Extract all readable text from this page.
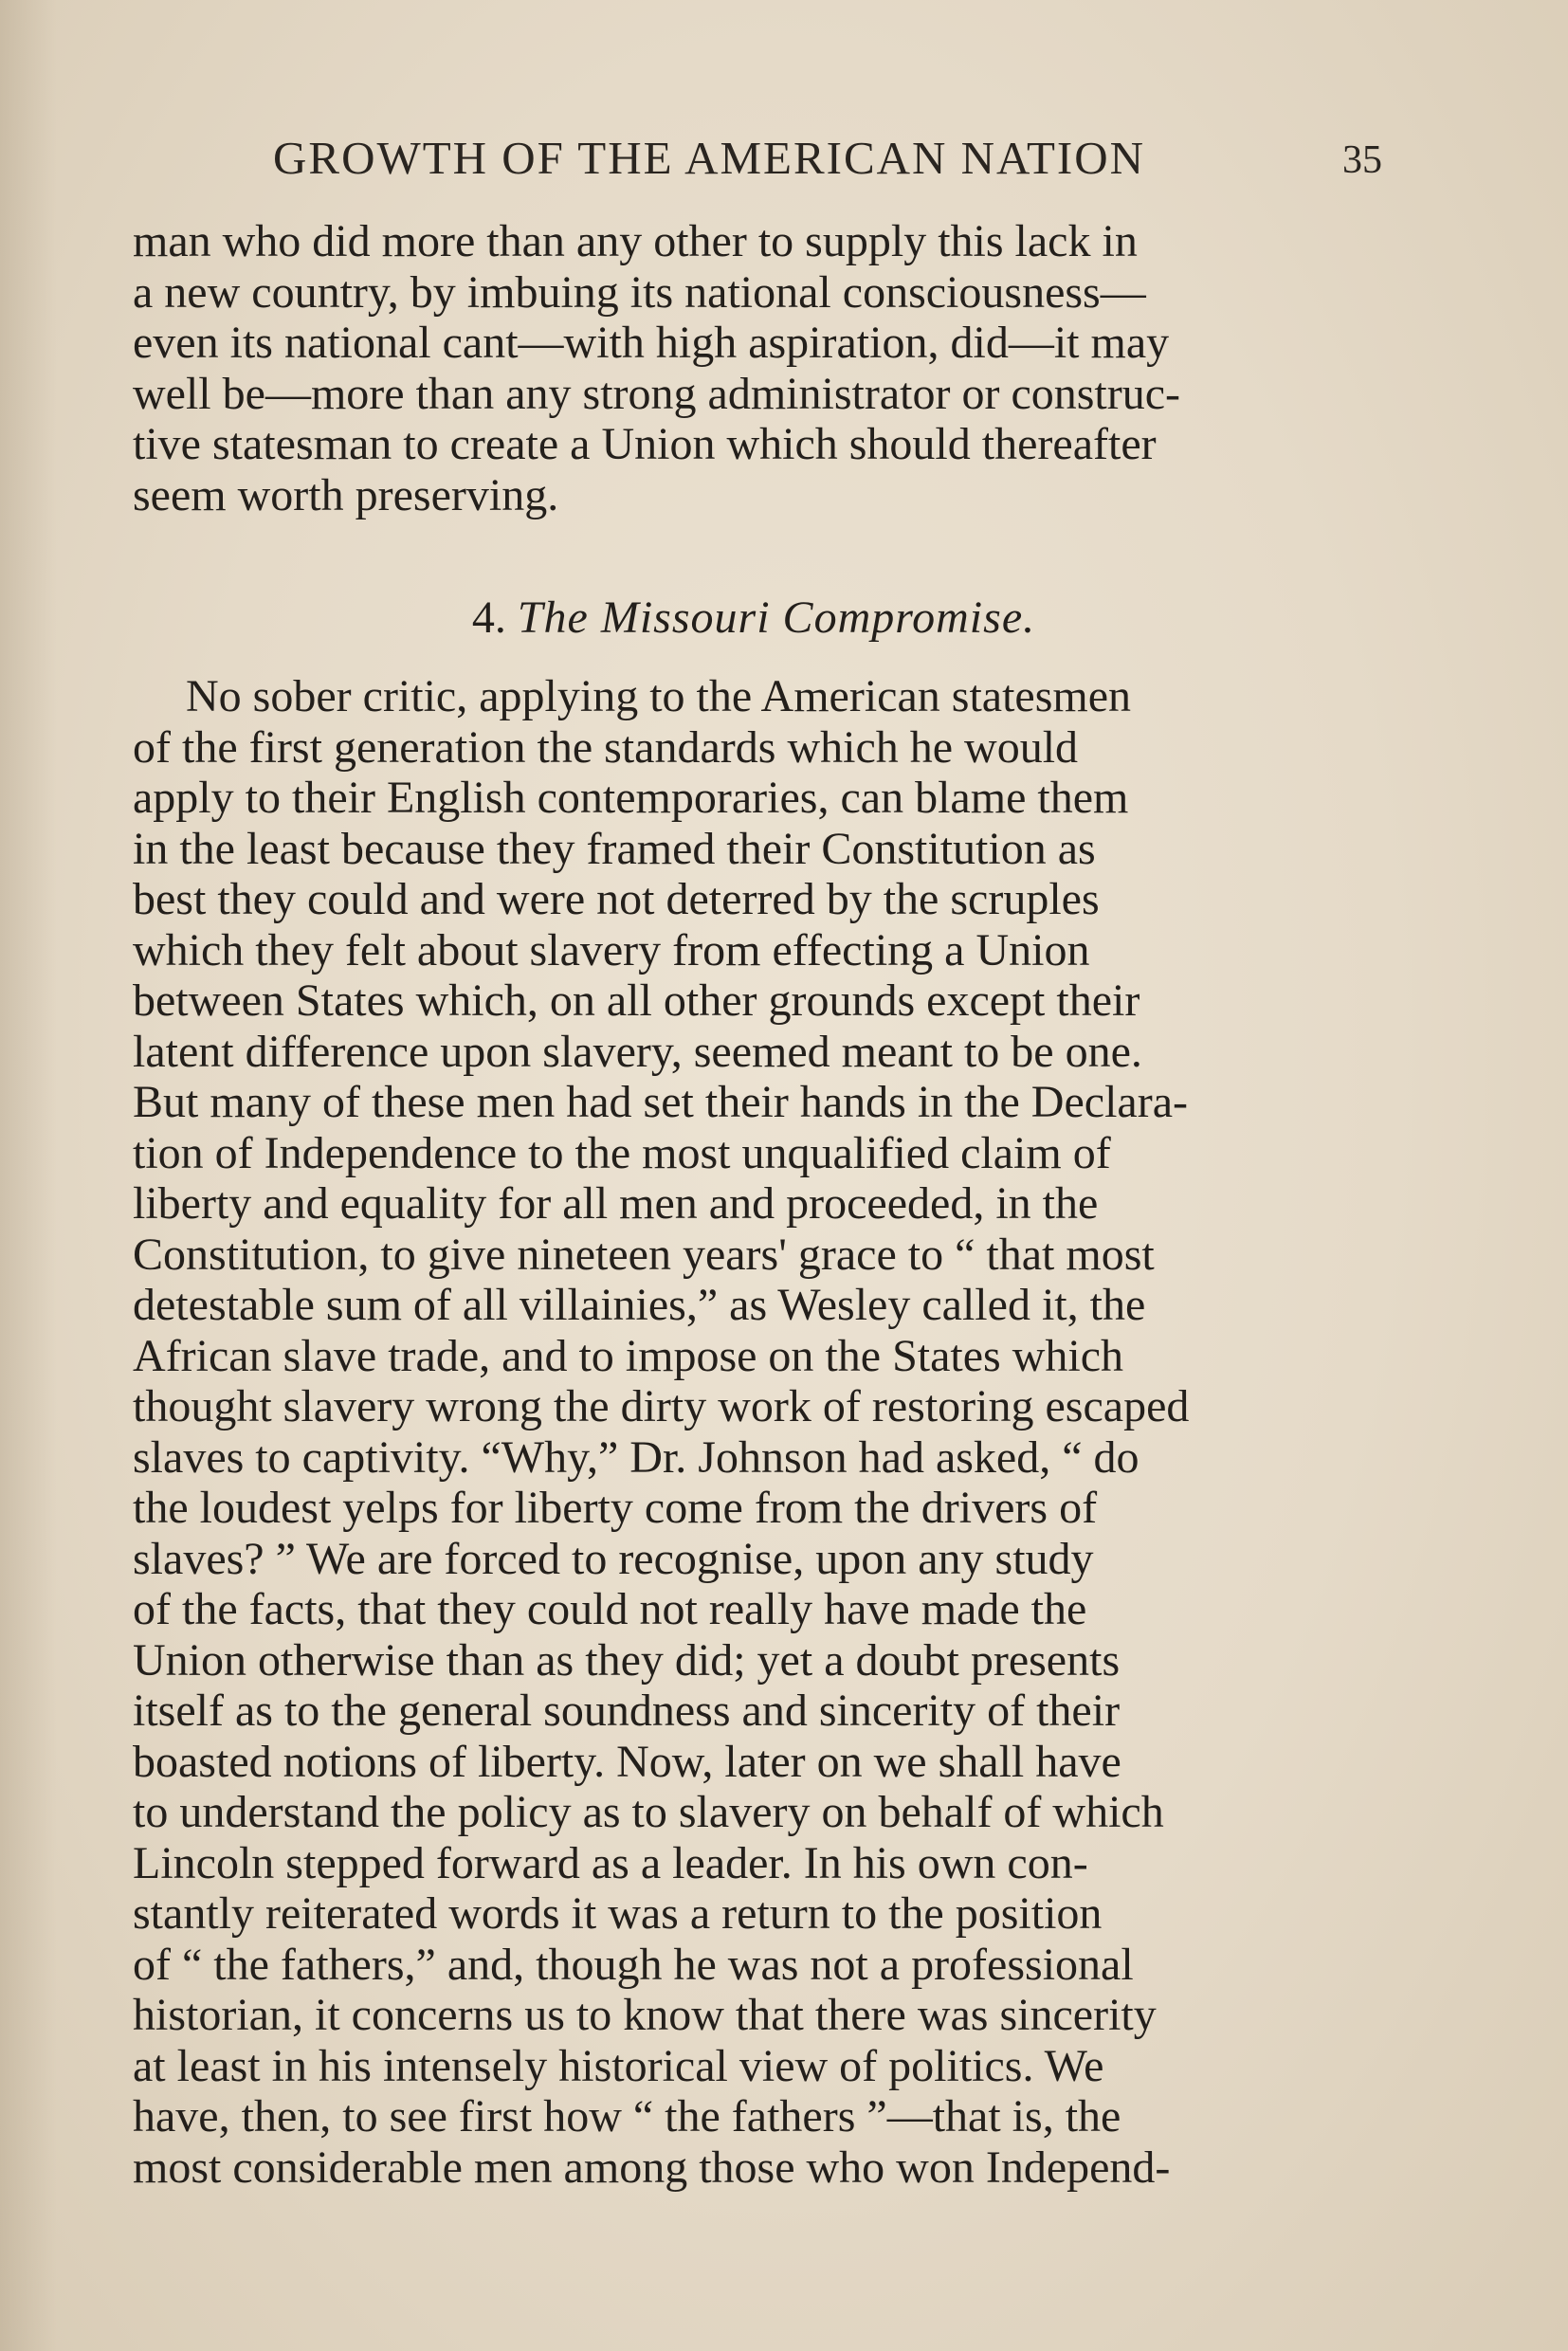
GROWTH OF THE AMERICAN NATION	35
man who did more than any other to supply this lack in
a new country, by imbuing its national consciousness—
even its national cant—with high aspiration, did—it may
well be—more than any strong administrator or construc-
tive statesman to create a Union which should thereafter
seem worth preserving.
4. The Missouri Compromise.
No sober critic, applying to the American statesmen
of the first generation the standards which he would
apply to their English contemporaries, can blame them
in the least because they framed their Constitution as
best they could and were not deterred by the scruples
which they felt about slavery from effecting a Union
between States which, on all other grounds except their
latent difference upon slavery, seemed meant to be one.
But many of these men had set their hands in the Declara-
tion of Independence to the most unqualified claim of
liberty and equality for all men and proceeded, in the
Constitution, to give nineteen years' grace to “ that most
detestable sum of all villainies,” as Wesley called it, the
African slave trade, and to impose on the States which
thought slavery wrong the dirty work of restoring escaped
slaves to captivity. “Why,” Dr. Johnson had asked, “ do
the loudest yelps for liberty come from the drivers of
slaves? ” We are forced to recognise, upon any study
of the facts, that they could not really have made the
Union otherwise than as they did; yet a doubt presents
itself as to the general soundness and sincerity of their
boasted notions of liberty. Now, later on we shall have
to understand the policy as to slavery on behalf of which
Lincoln stepped forward as a leader. In his own con-
stantly reiterated words it was a return to the position
of “ the fathers,” and, though he was not a professional
historian, it concerns us to know that there was sincerity
at least in his intensely historical view of politics. We
have, then, to see first how “ the fathers ”—that is, the
most considerable men among those who won Independ-
